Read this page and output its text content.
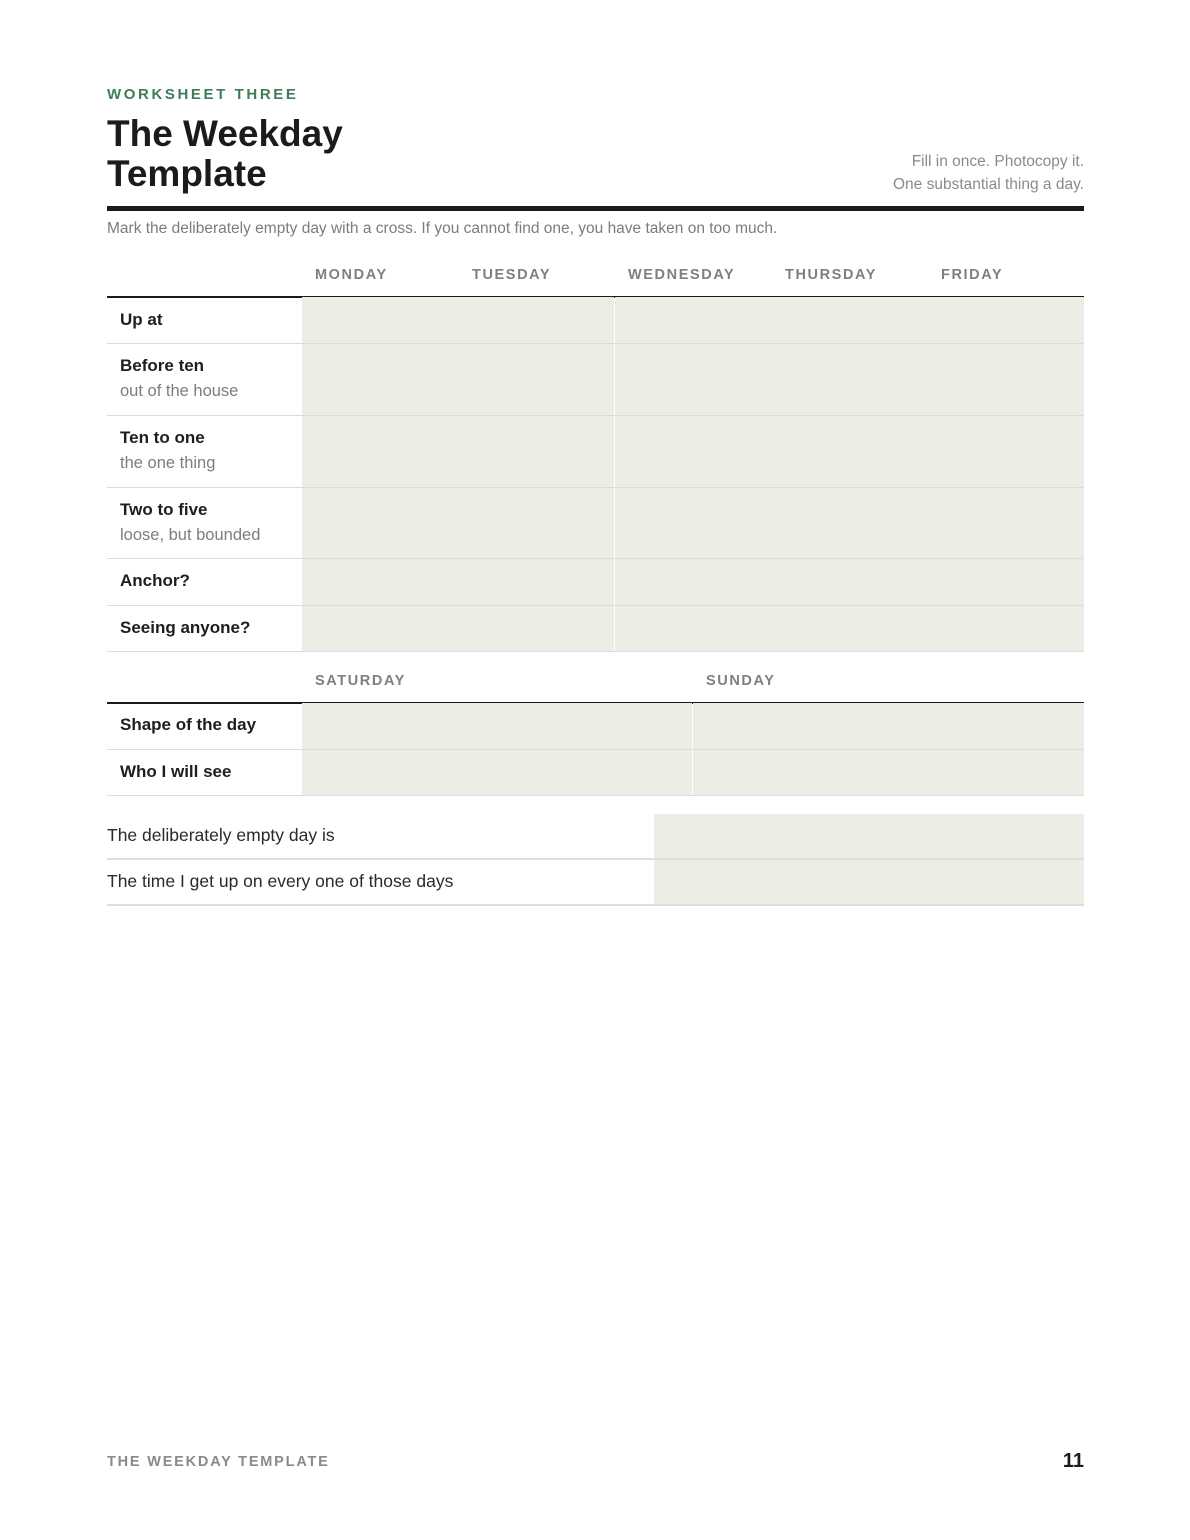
WORKSHEET THREE
The Weekday
Template	Fill in once. Photocopy it.
One substantial thing a day.
Mark the deliberately empty day with a cross. If you cannot find one, you have taken on too much.
MONDAY	TUESDAY	WEDNESDAY	THURSDAY	FRIDAY
Up at
Before ten
out of the house
Ten to one
the one thing
Two to five
loose, but bounded
Anchor?
Seeing anyone?
SATURDAY	SUNDAY
Shape of the day
Who I will see
The deliberately empty day is
The time I get up on every one of those days
THE WEEKDAY TEMPLATE	11
